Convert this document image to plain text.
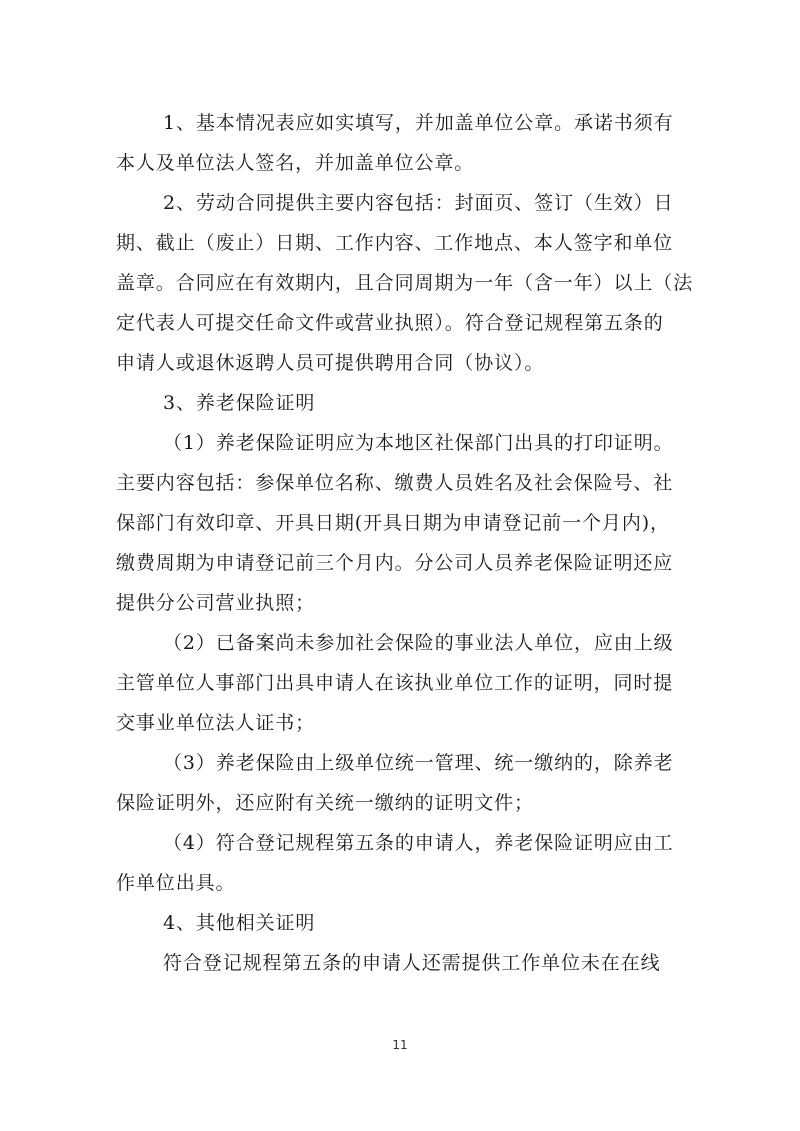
1、基本情况表应如实填写，并加盖单位公章。承诺书须有
本人及单位法人签名，并加盖单位公章。
2、劳动合同提供主要内容包括：封面页、签订（生效）日
期、截止（废止）日期、工作内容、工作地点、本人签字和单位
盖章。合同应在有效期内，且合同周期为一年（含一年）以上（法
定代表人可提交任命文件或营业执照）。符合登记规程第五条的
申请人或退休返聘人员可提供聘用合同（协议）。
3、养老保险证明
（1）养老保险证明应为本地区社保部门出具的打印证明。
主要内容包括：参保单位名称、缴费人员姓名及社会保险号、社
保部门有效印章、开具日期(开具日期为申请登记前一个月内)，
缴费周期为申请登记前三个月内。分公司人员养老保险证明还应
提供分公司营业执照；
（2）已备案尚未参加社会保险的事业法人单位，应由上级
主管单位人事部门出具申请人在该执业单位工作的证明，同时提
交事业单位法人证书；
（3）养老保险由上级单位统一管理、统一缴纳的，除养老
保险证明外，还应附有关统一缴纳的证明文件；
（4）符合登记规程第五条的申请人，养老保险证明应由工
作单位出具。
4、其他相关证明
符合登记规程第五条的申请人还需提供工作单位未在在线
11
